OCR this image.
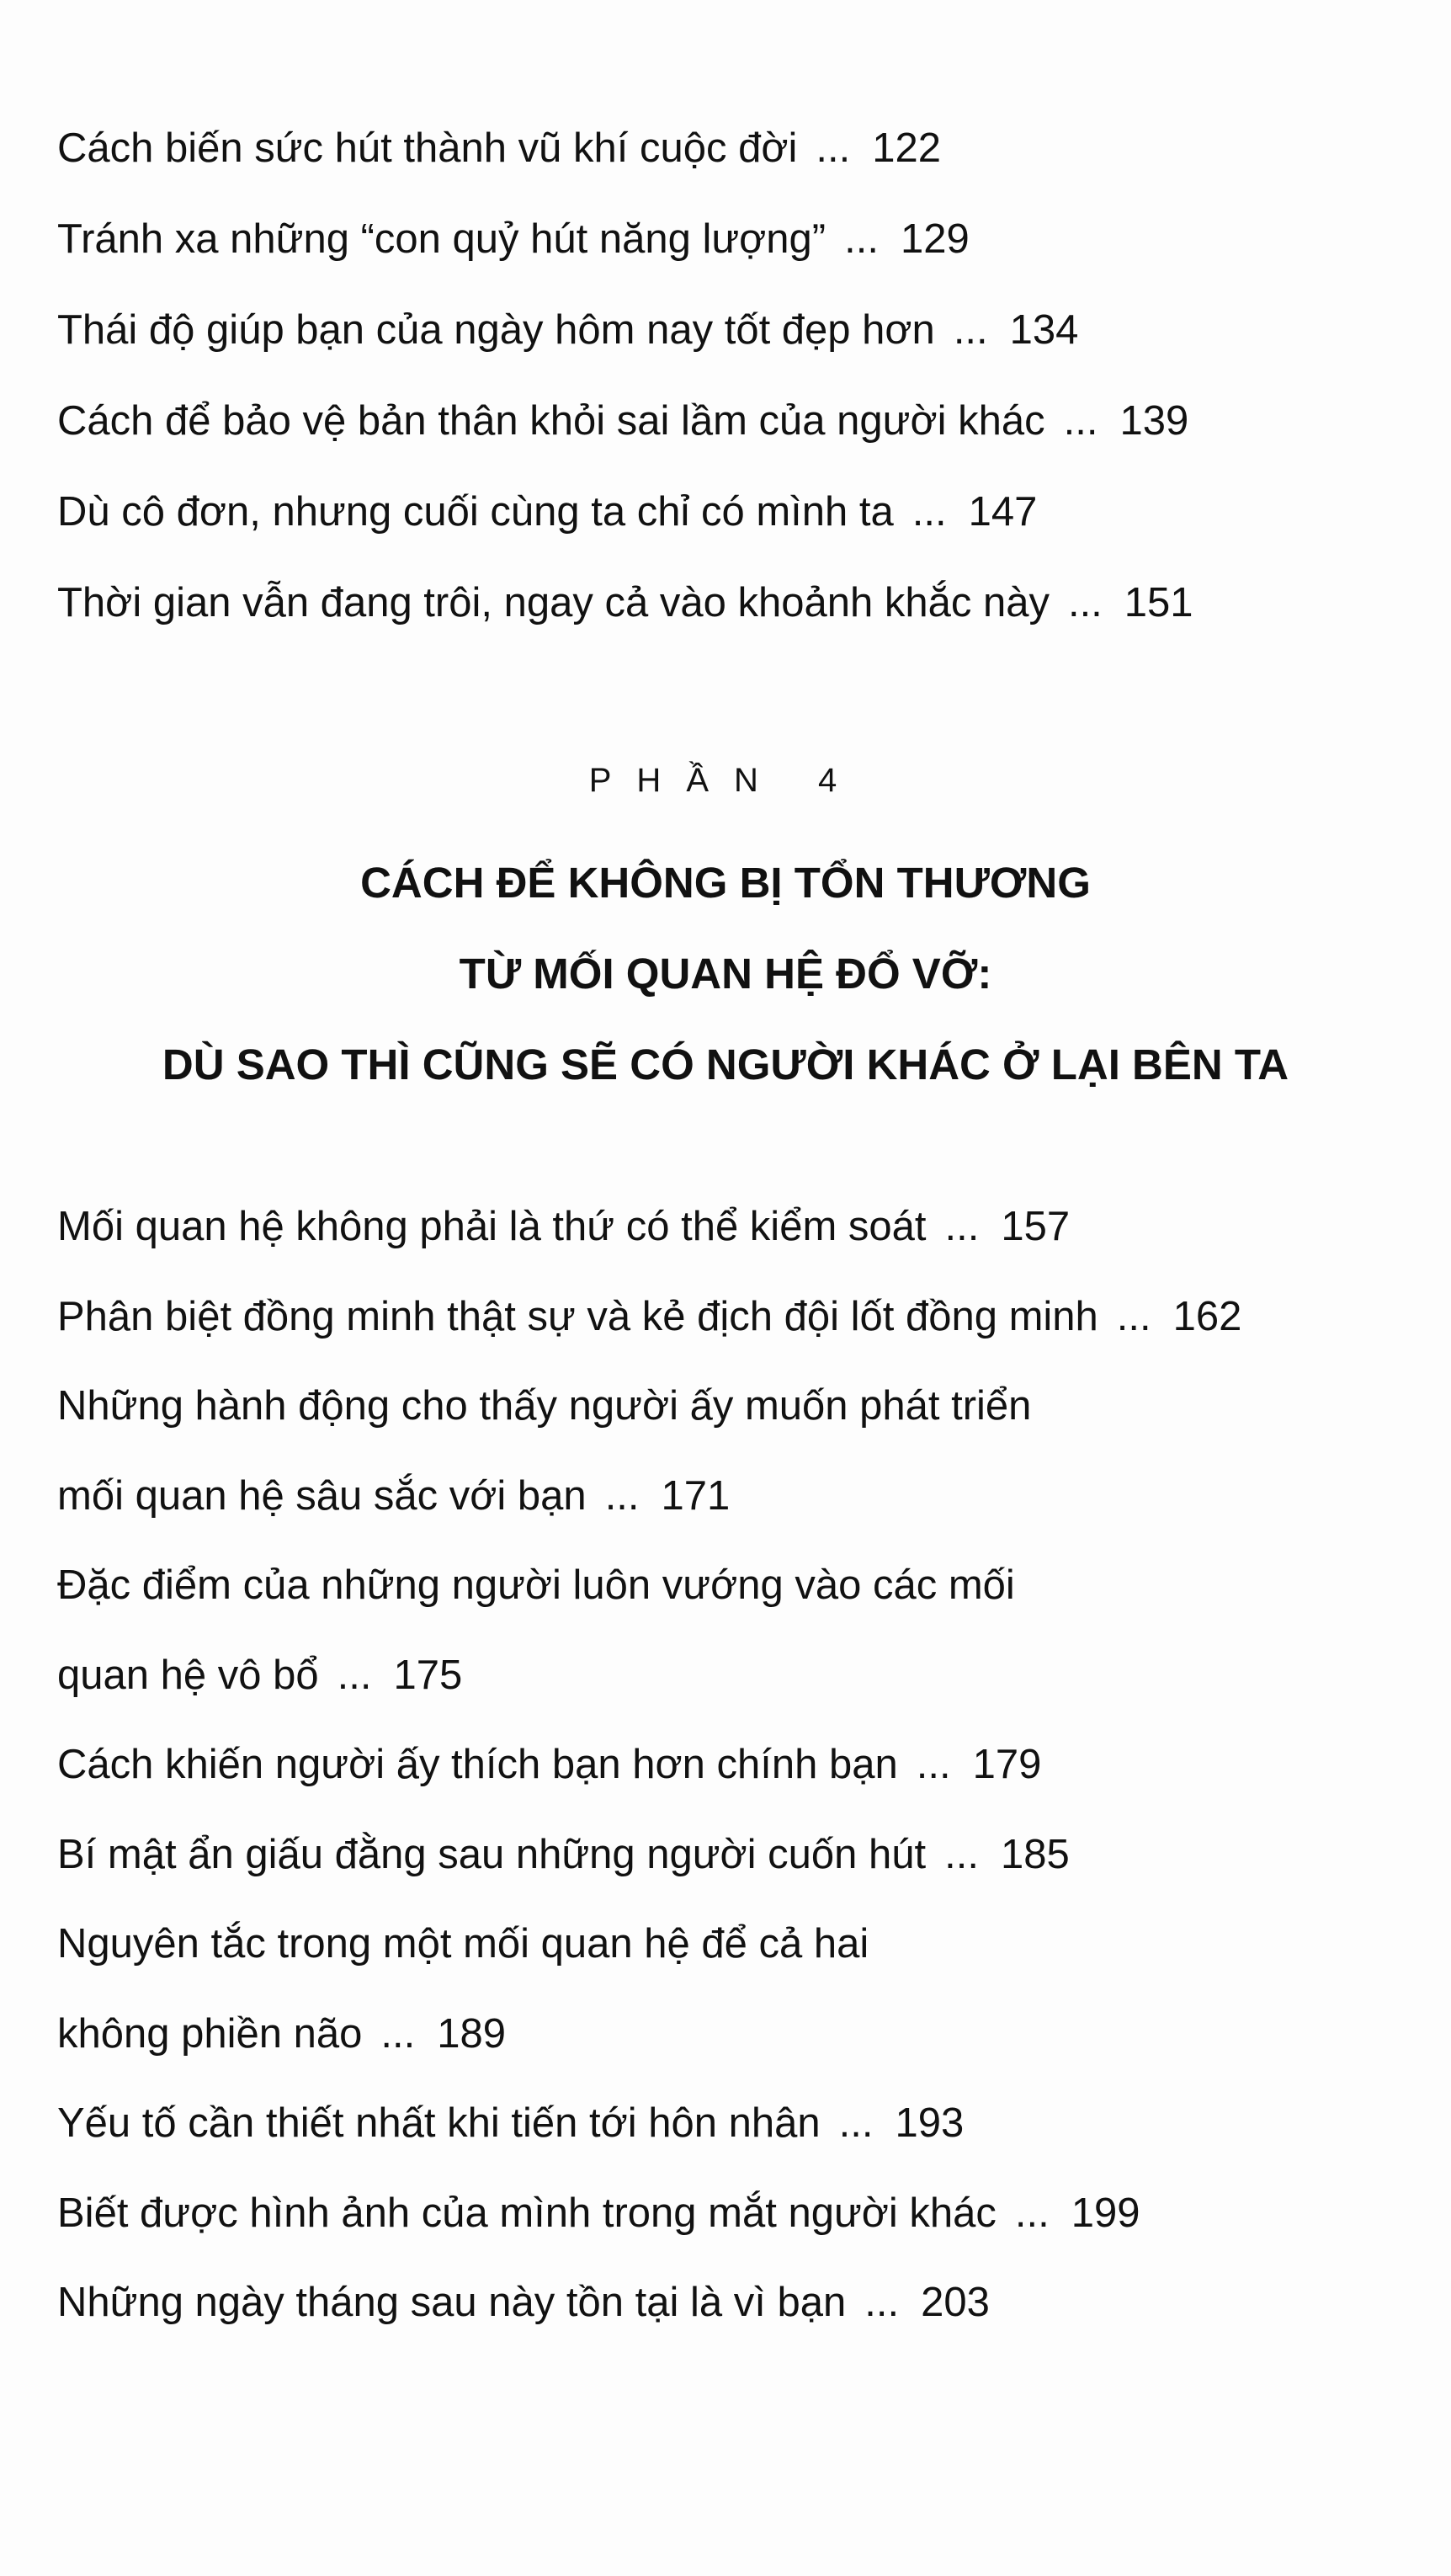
Cách biến sức hút thành vũ khí cuộc đời ... 122
Tránh xa những “con quỷ hút năng lượng” ... 129
Thái độ giúp bạn của ngày hôm nay tốt đẹp hơn ... 134
Cách để bảo vệ bản thân khỏi sai lầm của người khác ... 139
Dù cô đơn, nhưng cuối cùng ta chỉ có mình ta ... 147
Thời gian vẫn đang trôi, ngay cả vào khoảnh khắc này ... 151
PHẦN 4
CÁCH ĐỂ KHÔNG BỊ TỔN THƯƠNG
TỪ MỐI QUAN HỆ ĐỔ VỠ:
DÙ SAO THÌ CŨNG SẼ CÓ NGƯỜI KHÁC Ở LẠI BÊN TA
Mối quan hệ không phải là thứ có thể kiểm soát ... 157
Phân biệt đồng minh thật sự và kẻ địch đội lốt đồng minh ... 162
Những hành động cho thấy người ấy muốn phát triển
mối quan hệ sâu sắc với bạn ... 171
Đặc điểm của những người luôn vướng vào các mối
quan hệ vô bổ ... 175
Cách khiến người ấy thích bạn hơn chính bạn ... 179
Bí mật ẩn giấu đằng sau những người cuốn hút ... 185
Nguyên tắc trong một mối quan hệ để cả hai
không phiền não ... 189
Yếu tố cần thiết nhất khi tiến tới hôn nhân ... 193
Biết được hình ảnh của mình trong mắt người khác ... 199
Những ngày tháng sau này tồn tại là vì bạn ... 203
